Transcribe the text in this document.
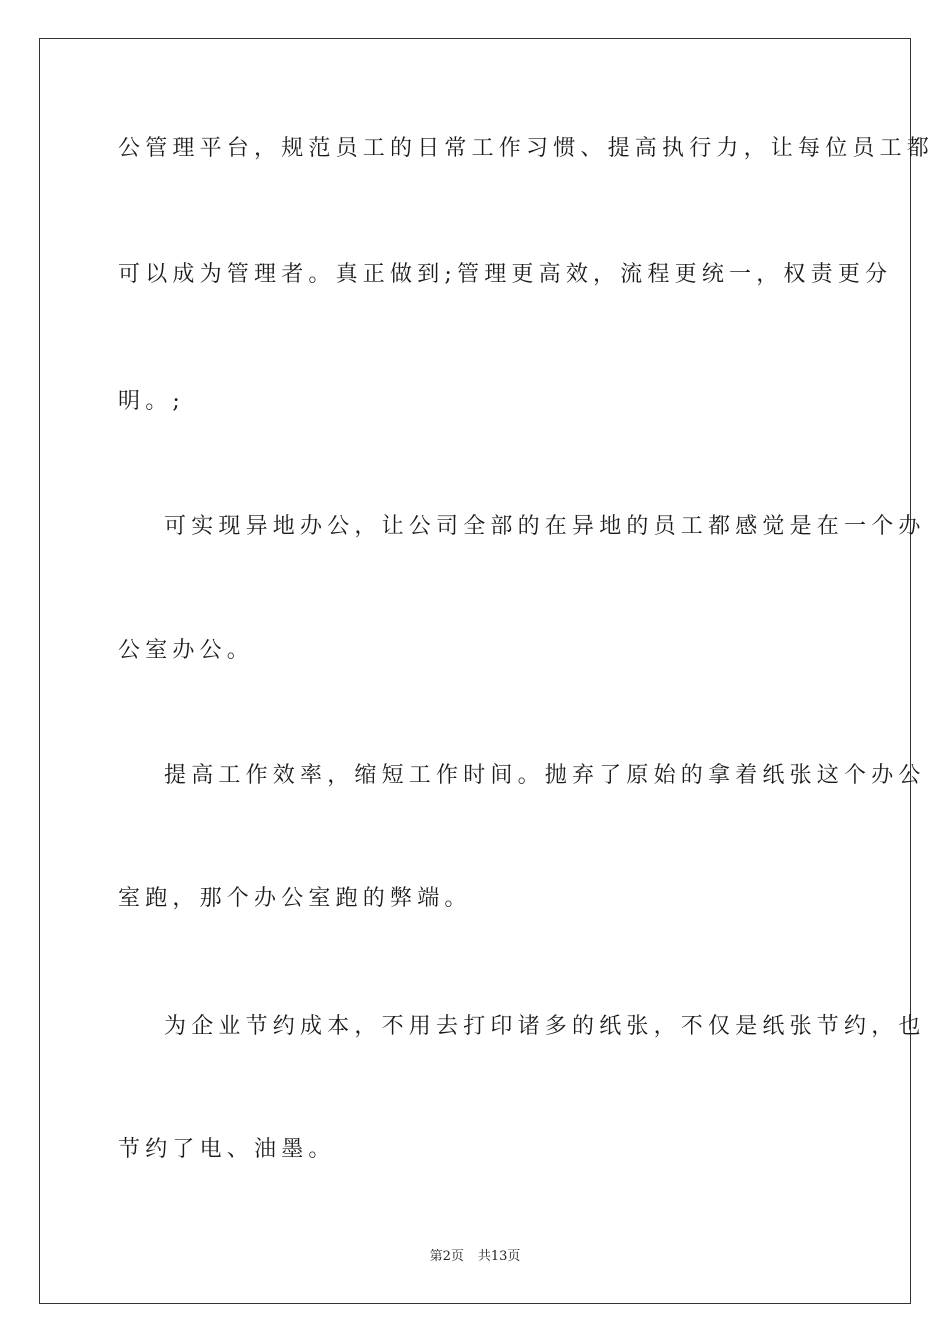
公管理平台，规范员工的日常工作习惯、提高执行力，让每位员工都
可以成为管理者。真正做到;管理更高效，流程更统一，权责更分
明。;
可实现异地办公，让公司全部的在异地的员工都感觉是在一个办
公室办公。
提高工作效率，缩短工作时间。抛弃了原始的拿着纸张这个办公
室跑，那个办公室跑的弊端。
为企业节约成本，不用去打印诸多的纸张，不仅是纸张节约，也
节约了电、油墨。
第2页 共13页
